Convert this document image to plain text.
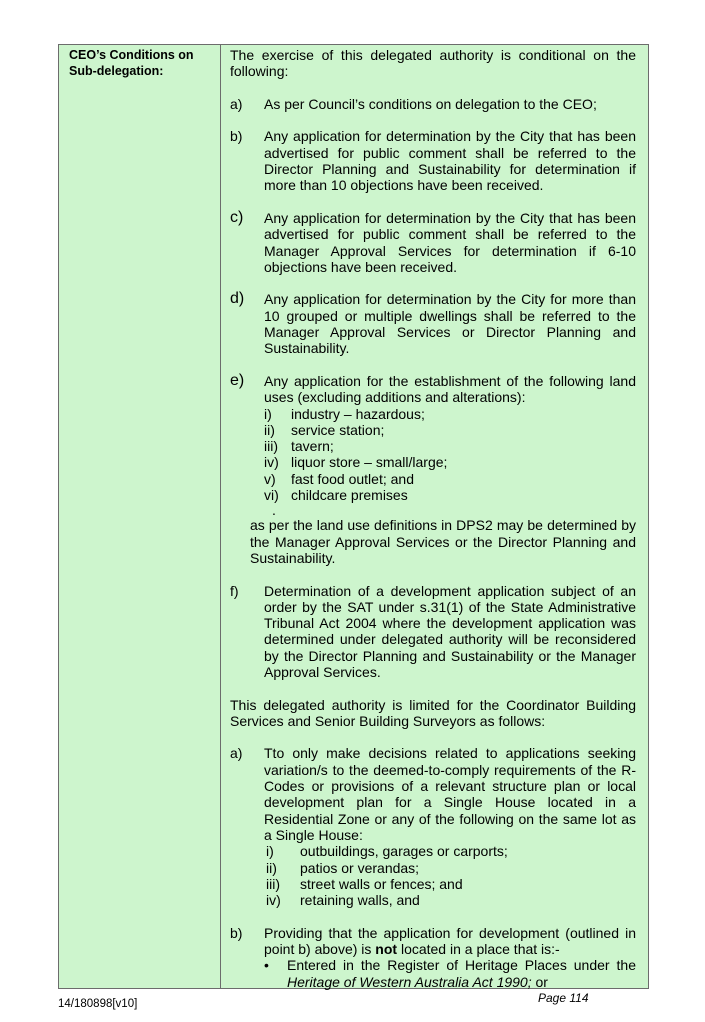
CEO’s Conditions on Sub-delegation:

The exercise of this delegated authority is conditional on the following:

a) As per Council’s conditions on delegation to the CEO;
b) Any application for determination by the City that has been advertised for public comment shall be referred to the Director Planning and Sustainability for determination if more than 10 objections have been received.
c) Any application for determination by the City that has been advertised for public comment shall be referred to the Manager Approval Services for determination if 6-10 objections have been received.
d) Any application for determination by the City for more than 10 grouped or multiple dwellings shall be referred to the Manager Approval Services or Director Planning and Sustainability.
e) Any application for the establishment of the following land uses (excluding additions and alterations):
i) industry – hazardous;
ii) service station;
iii) tavern;
iv) liquor store – small/large;
v) fast food outlet; and
vi) childcare premises
.
as per the land use definitions in DPS2 may be determined by the Manager Approval Services or the Director Planning and Sustainability.
f) Determination of a development application subject of an order by the SAT under s.31(1) of the State Administrative Tribunal Act 2004 where the development application was determined under delegated authority will be reconsidered by the Director Planning and Sustainability or the Manager Approval Services.

This delegated authority is limited for the Coordinator Building Services and Senior Building Surveyors as follows:

a) Tto only make decisions related to applications seeking variation/s to the deemed-to-comply requirements of the R-Codes or provisions of a relevant structure plan or local development plan for a Single House located in a Residential Zone or any of the following on the same lot as a Single House:
i) outbuildings, garages or carports;
ii) patios or verandas;
iii) street walls or fences; and
iv) retaining walls, and
b) Providing that the application for development (outlined in point b) above) is not located in a place that is:-
• Entered in the Register of Heritage Places under the Heritage of Western Australia Act 1990; or
14/180898[v10]	Page 114
